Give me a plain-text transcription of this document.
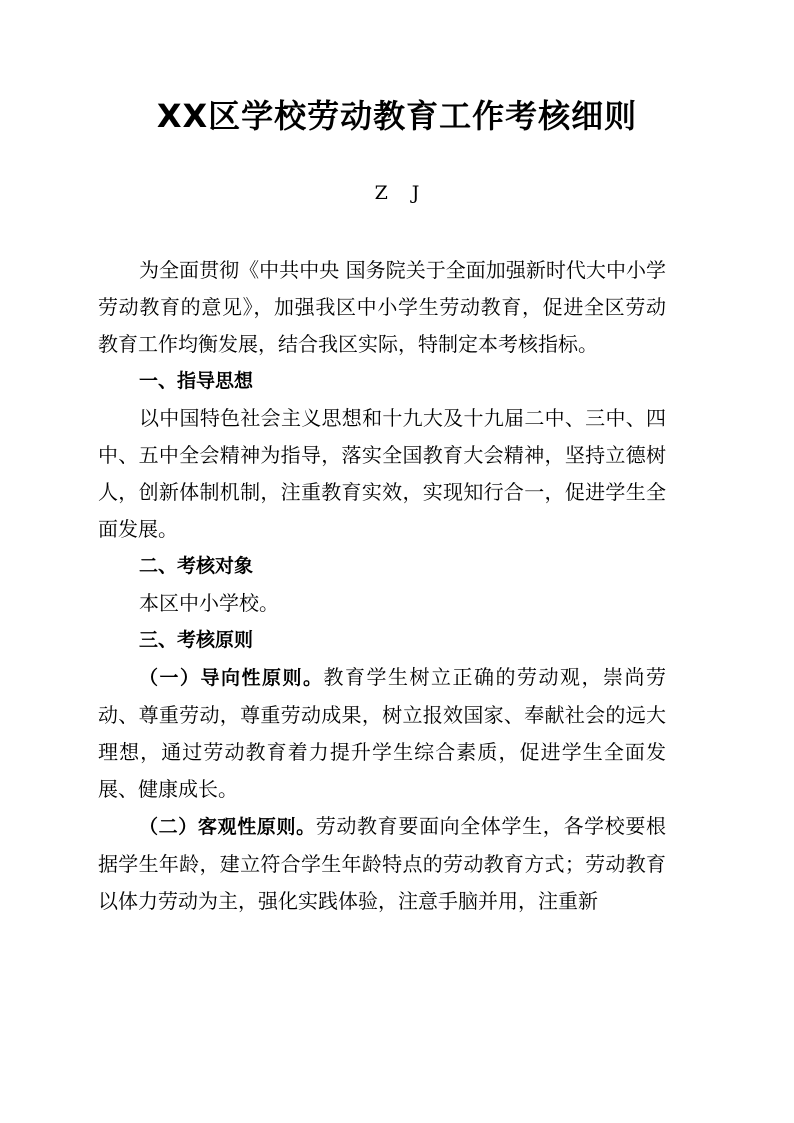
XX区学校劳动教育工作考核细则
ZJ

为全面贯彻《中共中央 国务院关于全面加强新时代大中小学劳动教育的意见》，加强我区中小学生劳动教育，促进全区劳动教育工作均衡发展，结合我区实际，特制定本考核指标。

一、指导思想

以中国特色社会主义思想和十九大及十九届二中、三中、四中、五中全会精神为指导，落实全国教育大会精神，坚持立德树人，创新体制机制，注重教育实效，实现知行合一，促进学生全面发展。

二、考核对象

本区中小学校。

三、考核原则

（一）导向性原则。教育学生树立正确的劳动观，崇尚劳动、尊重劳动，尊重劳动成果，树立报效国家、奉献社会的远大理想，通过劳动教育着力提升学生综合素质，促进学生全面发展、健康成长。

（二）客观性原则。劳动教育要面向全体学生，各学校要根据学生年龄，建立符合学生年龄特点的劳动教育方式；劳动教育以体力劳动为主，强化实践体验，注意手脑并用，注重新
